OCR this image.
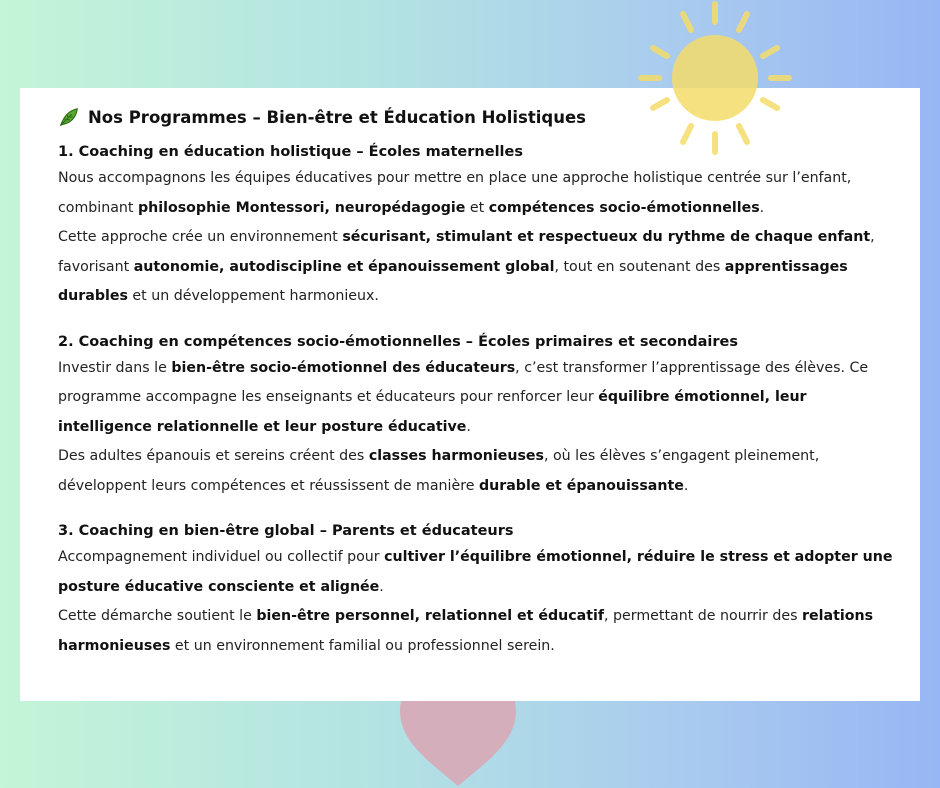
Nos Programmes – Bien-être et Éducation Holistiques
1. Coaching en éducation holistique – Écoles maternelles

Nous accompagnons les équipes éducatives pour mettre en place une approche holistique centrée sur l’enfant, combinant philosophie Montessori, neuropédagogie et compétences socio-émotionnelles.

Cette approche crée un environnement sécurisant, stimulant et respectueux du rythme de chaque enfant, favorisant autonomie, autodiscipline et épanouissement global, tout en soutenant des apprentissages durables et un développement harmonieux.

2. Coaching en compétences socio-émotionnelles – Écoles primaires et secondaires

Investir dans le bien-être socio-émotionnel des éducateurs, c’est transformer l’apprentissage des élèves. Ce programme accompagne les enseignants et éducateurs pour renforcer leur équilibre émotionnel, leur intelligence relationnelle et leur posture éducative.

Des adultes épanouis et sereins créent des classes harmonieuses, où les élèves s’engagent pleinement, développent leurs compétences et réussissent de manière durable et épanouissante.

3. Coaching en bien-être global – Parents et éducateurs

Accompagnement individuel ou collectif pour cultiver l’équilibre émotionnel, réduire le stress et adopter une posture éducative consciente et alignée.

Cette démarche soutient le bien-être personnel, relationnel et éducatif, permettant de nourrir des relations harmonieuses et un environnement familial ou professionnel serein.
